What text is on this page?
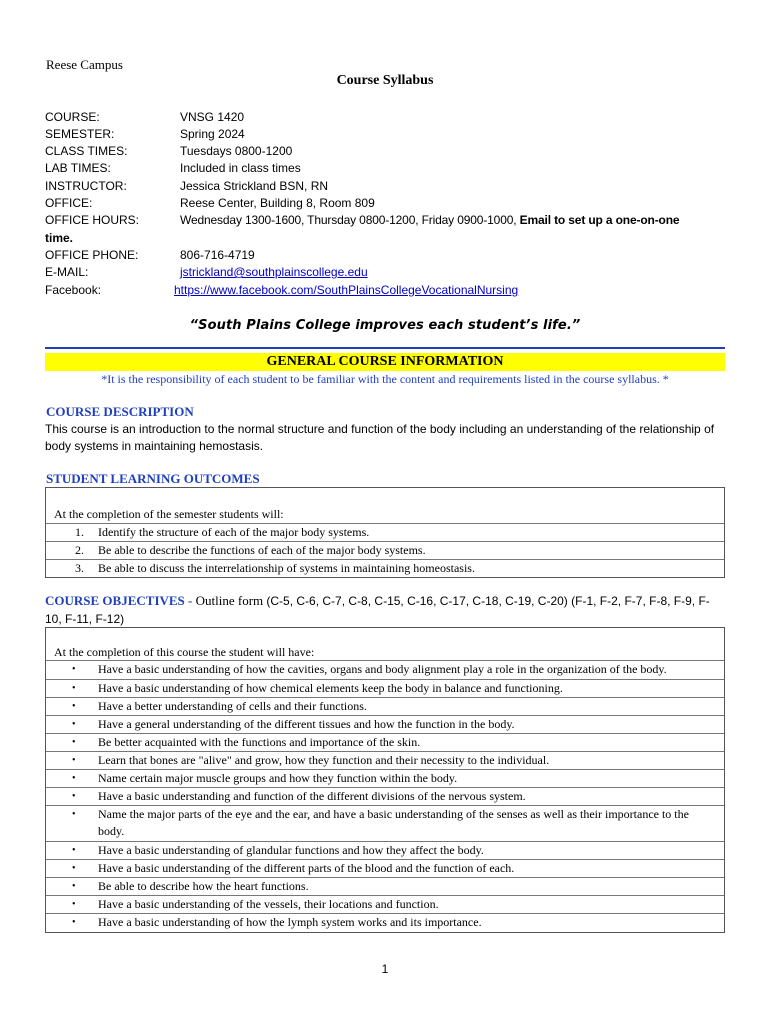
Reese Campus
Course Syllabus
COURSE:	VNSG 1420
SEMESTER:	Spring 2024
CLASS TIMES:	Tuesdays 0800-1200
LAB TIMES:	Included in class times
INSTRUCTOR:	Jessica Strickland BSN, RN
OFFICE:	Reese Center, Building 8, Room 809
OFFICE HOURS:	Wednesday 1300-1600, Thursday 0800-1200, Friday 0900-1000, Email to set up a one-on-one
time.
OFFICE PHONE:	806-716-4719
E-MAIL:	jstrickland@southplainscollege.edu
Facebook:	https://www.facebook.com/SouthPlainsCollegeVocationalNursing
“South Plains College improves each student’s life.”
GENERAL COURSE INFORMATION
*It is the responsibility of each student to be familiar with the content and requirements listed in the course syllabus. *
COURSE DESCRIPTION
This course is an introduction to the normal structure and function of the body including an understanding of the relationship of body systems in maintaining hemostasis.
STUDENT LEARNING OUTCOMES
At the completion of the semester students will:
1. Identify the structure of each of the major body systems.
2. Be able to describe the functions of each of the major body systems.
3. Be able to discuss the interrelationship of systems in maintaining homeostasis.
COURSE OBJECTIVES - Outline form (C-5, C-6, C-7, C-8, C-15, C-16, C-17, C-18, C-19, C-20) (F-1, F-2, F-7, F-8, F-9, F-10, F-11, F-12)
At the completion of this course the student will have:
• Have a basic understanding of how the cavities, organs and body alignment play a role in the organization of the body.
• Have a basic understanding of how chemical elements keep the body in balance and functioning.
• Have a better understanding of cells and their functions.
• Have a general understanding of the different tissues and how the function in the body.
• Be better acquainted with the functions and importance of the skin.
• Learn that bones are "alive" and grow, how they function and their necessity to the individual.
• Name certain major muscle groups and how they function within the body.
• Have a basic understanding and function of the different divisions of the nervous system.
• Name the major parts of the eye and the ear, and have a basic understanding of the senses as well as their importance to the body.
• Have a basic understanding of glandular functions and how they affect the body.
• Have a basic understanding of the different parts of the blood and the function of each.
• Be able to describe how the heart functions.
• Have a basic understanding of the vessels, their locations and function.
• Have a basic understanding of how the lymph system works and its importance.
1
